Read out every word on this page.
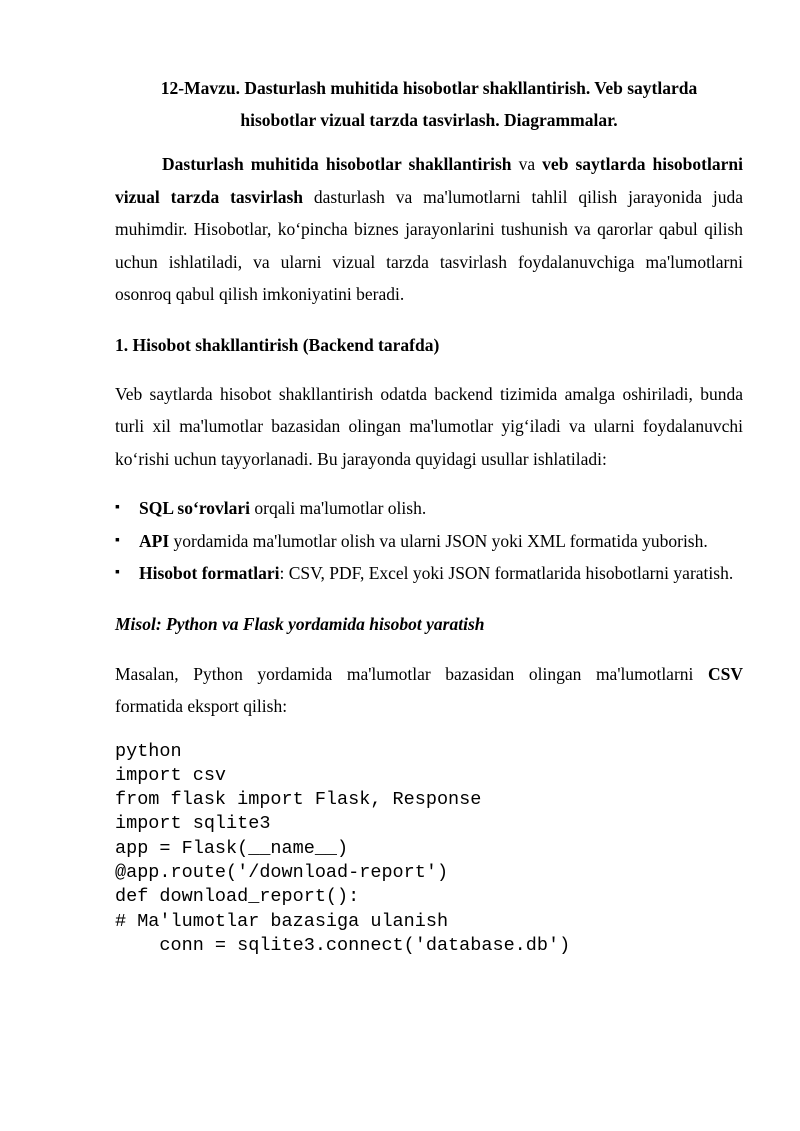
12-Mavzu. Dasturlash muhitida hisobotlar shakllantirish. Veb saytlarda
hisobotlar vizual tarzda tasvirlash. Diagrammalar.

Dasturlash muhitida hisobotlar shakllantirish va veb saytlarda hisobotlarni vizual tarzda tasvirlash dasturlash va ma'lumotlarni tahlil qilish jarayonida juda muhimdir. Hisobotlar, ko‘pincha biznes jarayonlarini tushunish va qarorlar qabul qilish uchun ishlatiladi, va ularni vizual tarzda tasvirlash foydalanuvchiga ma'lumotlarni osonroq qabul qilish imkoniyatini beradi.

1. Hisobot shakllantirish (Backend tarafda)

Veb saytlarda hisobot shakllantirish odatda backend tizimida amalga oshiriladi, bunda turli xil ma'lumotlar bazasidan olingan ma'lumotlar yig‘iladi va ularni foydalanuvchi ko‘rishi uchun tayyorlanadi. Bu jarayonda quyidagi usullar ishlatiladi:

▪ SQL so‘rovlari orqali ma'lumotlar olish.
▪ API yordamida ma'lumotlar olish va ularni JSON yoki XML formatida yuborish.
▪ Hisobot formatlari: CSV, PDF, Excel yoki JSON formatlarida hisobotlarni yaratish.
Misol: Python va Flask yordamida hisobot yaratish

Masalan, Python yordamida ma'lumotlar bazasidan olingan ma'lumotlarni CSV formatida eksport qilish:

python
import csv
from flask import Flask, Response
import sqlite3
app = Flask(__name__)
@app.route('/download-report')
def download_report():
# Ma'lumotlar bazasiga ulanish
conn = sqlite3.connect('database.db')
